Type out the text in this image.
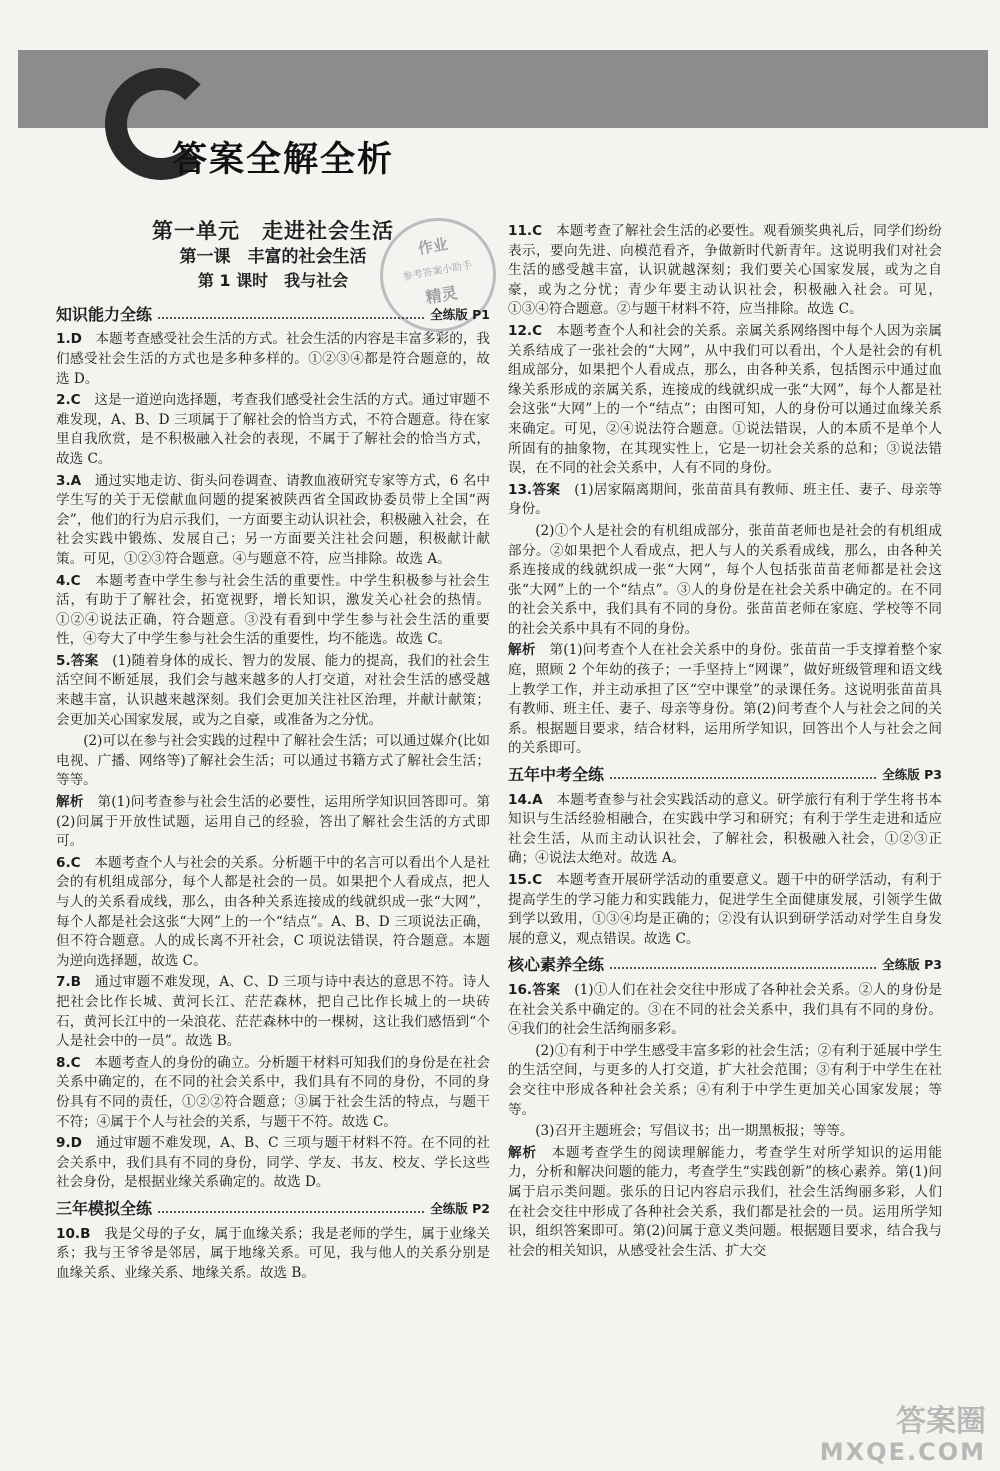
答案全解全析
作业
参考答案小助手
精灵
第一单元　走进社会生活
第一课　丰富的社会生活
第 1 课时　我与社会
知识能力全练	全练版 P1

1.D　 本题考查感受社会生活的方式。社会生活的内容是丰富多彩的，我们感受社会生活的方式也是多种多样的。①②③④都是符合题意的，故选 D。

2.C　 这是一道逆向选择题，考查我们感受社会生活的方式。通过审题不难发现，A、B、D 三项属于了解社会的恰当方式，不符合题意。待在家里自我欣赏，是不积极融入社会的表现，不属于了解社会的恰当方式，故选 C。

3.A　 通过实地走访、街头问卷调查、请教血液研究专家等方式，6 名中学生写的关于无偿献血问题的提案被陕西省全国政协委员带上全国“两会”，他们的行为启示我们，一方面要主动认识社会，积极融入社会，在社会实践中锻炼、发展自己；另一方面要关注社会问题，积极献计献策。可见，①②③符合题意。④与题意不符，应当排除。故选 A。

4.C　 本题考查中学生参与社会生活的重要性。中学生积极参与社会生活，有助于了解社会，拓宽视野，增长知识，激发关心社会的热情。①②④说法正确，符合题意。③没有看到中学生参与社会生活的重要性，④夸大了中学生参与社会生活的重要性，均不能选。故选 C。

5.答案　 (1)随着身体的成长、智力的发展、能力的提高，我们的社会生活空间不断延展，我们会与越来越多的人打交道，对社会生活的感受越来越丰富，认识越来越深刻。我们会更加关注社区治理，并献计献策；会更加关心国家发展，或为之自豪，或准备为之分忧。

(2)可以在参与社会实践的过程中了解社会生活；可以通过媒介(比如电视、广播、网络等)了解社会生活；可以通过书籍方式了解社会生活；等等。

解析　 第(1)问考查参与社会生活的必要性，运用所学知识回答即可。第(2)问属于开放性试题，运用自己的经验，答出了解社会生活的方式即可。

6.C　 本题考查个人与社会的关系。分析题干中的名言可以看出个人是社会的有机组成部分，每个人都是社会的一员。如果把个人看成点，把人与人的关系看成线，那么，由各种关系连接成的线就织成一张“大网”，每个人都是社会这张“大网”上的一个“结点”。A、B、D 三项说法正确，但不符合题意。人的成长离不开社会，C 项说法错误，符合题意。本题为逆向选择题，故选 C。

7.B　 通过审题不难发现，A、C、D 三项与诗中表达的意思不符。诗人把社会比作长城、黄河长江、茫茫森林，把自己比作长城上的一块砖石，黄河长江中的一朵浪花、茫茫森林中的一棵树，这让我们感悟到“个人是社会中的一员”。故选 B。

8.C　 本题考查人的身份的确立。分析题干材料可知我们的身份是在社会关系中确定的，在不同的社会关系中，我们具有不同的身份，不同的身份具有不同的责任，①②②符合题意；③属于社会生活的特点，与题干不符；④属于个人与社会的关系，与题干不符。故选 C。

9.D　 通过审题不难发现，A、B、C 三项与题干材料不符。在不同的社会关系中，我们具有不同的身份，同学、学友、书友、校友、学长这些社会身份，是根据业缘关系确定的。故选 D。

三年模拟全练	全练版 P2

10.B　 我是父母的子女，属于血缘关系；我是老师的学生，属于业缘关系；我与王爷爷是邻居，属于地缘关系。可见，我与他人的关系分别是血缘关系、业缘关系、地缘关系。故选 B。

11.C　 本题考查了解社会生活的必要性。观看颁奖典礼后，同学们纷纷表示，要向先进、向模范看齐，争做新时代新青年。这说明我们对社会生活的感受越丰富，认识就越深刻；我们要关心国家发展，或为之自豪，或为之分忧；青少年要主动认识社会，积极融入社会。可见，①③④符合题意。②与题干材料不符，应当排除。故选 C。

12.C　 本题考查个人和社会的关系。亲属关系网络图中每个人因为亲属关系结成了一张社会的“大网”，从中我们可以看出，个人是社会的有机组成部分，如果把个人看成点，那么，由各种关系，包括图示中通过血缘关系形成的亲属关系，连接成的线就织成一张“大网”，每个人都是社会这张“大网”上的一个“结点”；由图可知，人的身份可以通过血缘关系来确定。可见，②④说法符合题意。①说法错误，人的本质不是单个人所固有的抽象物，在其现实性上，它是一切社会关系的总和；③说法错误，在不同的社会关系中，人有不同的身份。

13.答案　 (1)居家隔离期间，张苗苗具有教师、班主任、妻子、母亲等身份。

(2)①个人是社会的有机组成部分，张苗苗老师也是社会的有机组成部分。②如果把个人看成点，把人与人的关系看成线，那么，由各种关系连接成的线就织成一张“大网”，每个人包括张苗苗老师都是社会这张“大网”上的一个“结点”。③人的身份是在社会关系中确定的。在不同的社会关系中，我们具有不同的身份。张苗苗老师在家庭、学校等不同的社会关系中具有不同的身份。

解析　 第(1)问考查个人在社会关系中的身份。张苗苗一手支撑着整个家庭，照顾 2 个年幼的孩子；一手坚持上“网课”，做好班级管理和语文线上教学工作，并主动承担了区“空中课堂”的录课任务。这说明张苗苗具有教师、班主任、妻子、母亲等身份。第(2)问考查个人与社会之间的关系。根据题目要求，结合材料，运用所学知识，回答出个人与社会之间的关系即可。

五年中考全练	全练版 P3

14.A　 本题考查参与社会实践活动的意义。研学旅行有利于学生将书本知识与生活经验相融合，在实践中学习和研究；有利于学生走进和适应社会生活，从而主动认识社会，了解社会，积极融入社会，①②③正确；④说法太绝对。故选 A。

15.C　 本题考查开展研学活动的重要意义。题干中的研学活动，有利于提高学生的学习能力和实践能力，促进学生全面健康发展，引领学生做到学以致用，①③④均是正确的；②没有认识到研学活动对学生自身发展的意义，观点错误。故选 C。

核心素养全练	全练版 P3

16.答案　 (1)①人们在社会交往中形成了各种社会关系。②人的身份是在社会关系中确定的。③在不同的社会关系中，我们具有不同的身份。④我们的社会生活绚丽多彩。

(2)①有利于中学生感受丰富多彩的社会生活；②有利于延展中学生的生活空间，与更多的人打交道，扩大社会范围；③有利于中学生在社会交往中形成各种社会关系；④有利于中学生更加关心国家发展；等等。

(3)召开主题班会；写倡议书；出一期黑板报；等等。

解析　 本题考查学生的阅读理解能力，考查学生对所学知识的运用能力，分析和解决问题的能力，考查学生“实践创新”的核心素养。第(1)问属于启示类问题。张乐的日记内容启示我们，社会生活绚丽多彩，人们在社会交往中形成了各种社会关系，我们都是社会的一员。运用所学知识，组织答案即可。第(2)问属于意义类问题。根据题目要求，结合我与社会的相关知识，从感受社会生活、扩大交

答案圈
MXQE.COM
